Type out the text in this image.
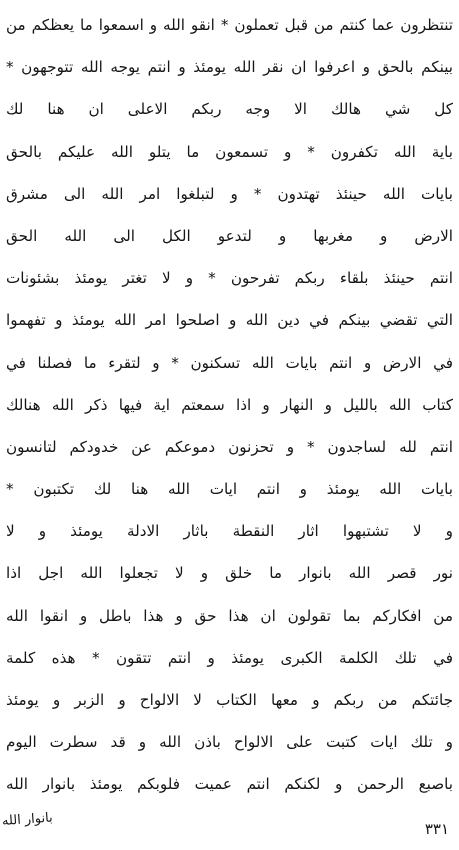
تنتظرون عما كنتم من قبل تعملون * انقو الله و اسمعوا ما يعظكم من
بينكم بالحق و اعرفوا ان نقر الله يومئذ و انتم يوجه الله تتوجهون *
كل شي هالك الا وجه ربكم الاعلى ان هنا لك
باية الله تكفرون * و تسمعون ما يتلو الله عليكم بالحق
بايات الله حينئذ تهتدون * و لتبلغوا امر الله الى مشرق
الارض و مغربها و لتدعو الكل الى الله الحق
انتم حينئذ بلقاء ربكم تفرحون * و لا تغتر يومئذ بشئونات
التي تقضي بينكم في دين الله و اصلحوا امر الله يومئذ و تفهموا
في الارض و انتم بايات الله تسكنون * و لتقرء ما فصلنا في
كتاب الله بالليل و النهار و اذا سمعتم اية فيها ذكر الله هنالك
انتم لله لساجدون * و تحزنون دموعكم عن خدودكم لتانسون
بايات الله يومئذ و انتم ايات الله هنا لك تكتبون *
و لا تشتبهوا اثار النقطة باثار الادلة يومئذ و لا
نور قصر الله بانوار ما خلق و لا تجعلوا الله اجل اذا
من افكاركم بما تقولون ان هذا حق و هذا باطل و انقوا الله
في تلك الكلمة الكبرى يومئذ و انتم تتقون * هذه كلمة
جائتكم من ربكم و معها الكتاب لا الالواح و الزبر و يومئذ
و تلك ايات كتبت على الالواح باذن الله و قد سطرت اليوم
باصبع الرحمن و لكنكم انتم عميت فلوبكم يومئذ بانوار الله
بانوار الله
٣٣١
